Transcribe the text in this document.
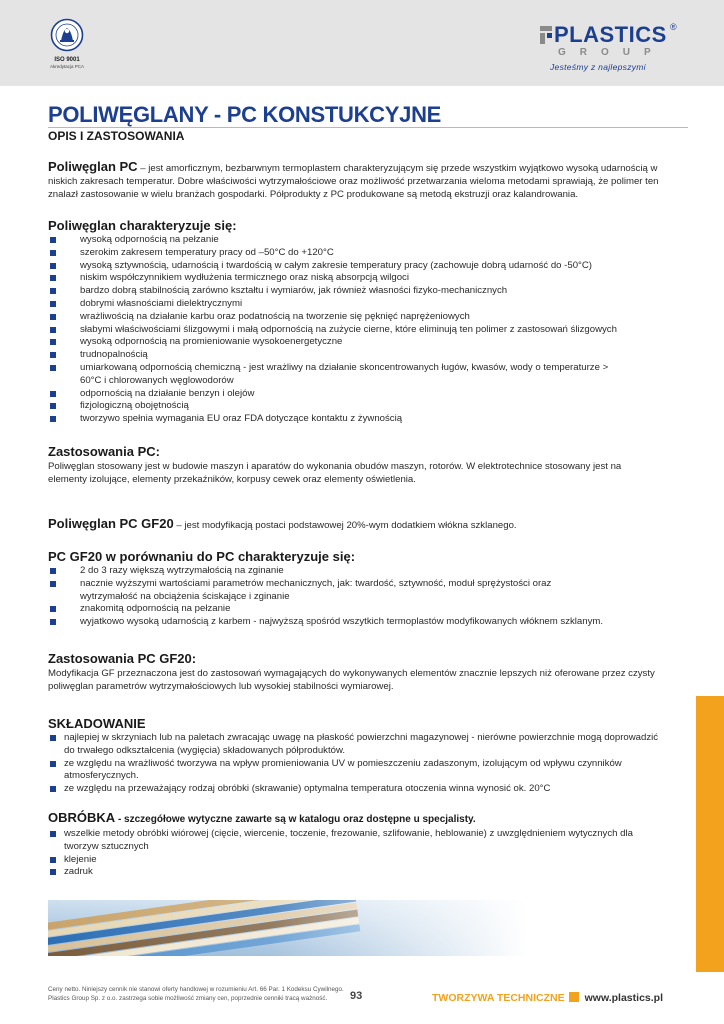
ISO 9001
Akredytacja PCA
PLASTICS ®
GROUP
Jesteśmy z najlepszymi
POLIWĘGLANY - PC KONSTUKCYJNE
OPIS I ZASTOSOWANIA

Poliwęglan PC – jest amorficznym, bezbarwnym termoplastem charakteryzującym się przede wszystkim wyjątkowo wysoką udarnością w niskich zakresach temperatur. Dobre właściwości wytrzymałościowe oraz możliwość przetwarzania wieloma metodami sprawiają, że polimer ten znalazł zastosowanie w wielu branżach gospodarki. Półprodukty z PC produkowane są metodą ekstruzji oraz kalandrowania.

Poliwęglan charakteryzuje się:

wysoką odpornością na pełzanie
szerokim zakresem temperatury pracy od –50°C do +120°C
wysoką sztywnością, udarnością i twardością w całym zakresie temperatury pracy (zachowuje dobrą udarność do -50°C)
niskim współczynnikiem wydłużenia termicznego oraz niską absorpcją wilgoci
bardzo dobrą stabilnością zarówno kształtu i wymiarów, jak również własności fizyko-mechanicznych
dobrymi własnościami dielektrycznymi
wrażliwością na działanie karbu oraz podatnością na tworzenie się pęknięć naprężeniowych
słabymi właściwościami ślizgowymi i małą odpornością na zużycie cierne, które eliminują ten polimer z zastosowań ślizgowych
wysoką odpornością na promieniowanie wysokoenergetyczne
trudnopalnością
umiarkowaną odpornością chemiczną - jest wrażliwy na działanie skoncentrowanych ługów, kwasów, wody o temperaturze > 60°C i chlorowanych węglowodorów
odpornością na działanie benzyn i olejów
fizjologiczną obojętnością
tworzywo spełnia wymagania EU oraz FDA dotyczące kontaktu z żywnością

Zastosowania PC:

Poliwęglan stosowany jest w budowie maszyn i aparatów do wykonania obudów maszyn, rotorów. W elektrotechnice stosowany jest na elementy izolujące, elementy przekaźników, korpusy cewek oraz elementy oświetlenia.

Poliwęglan PC GF20 – jest modyfikacją postaci podstawowej 20%-wym dodatkiem włókna szklanego.

PC GF20 w porównaniu do PC charakteryzuje się:

2 do 3 razy większą wytrzymałością na zginanie
nacznie wyższymi wartościami parametrów mechanicznych, jak: twardość, sztywność, moduł sprężystości oraz wytrzymałość na obciążenia ściskające i zginanie
znakomitą odpornością na pełzanie
wyjatkowo wysoką udarnością z karbem - najwyższą spośród wszytkich termoplastów modyfikowanych włóknem szklanym.

Zastosowania PC GF20:

Modyfikacja GF przeznaczona jest do zastosowań wymagających do wykonywanych elementów znacznie lepszych niż oferowane przez czysty poliwęglan parametrów wytrzymałościowych lub wysokiej stabilności wymiarowej.

SKŁADOWANIE

najlepiej w skrzyniach lub na paletach zwracając uwagę na płaskość powierzchni magazynowej - nierówne powierzchnie mogą doprowadzić do trwałego odkształcenia (wygięcia) składowanych półproduktów.
ze względu na wrażliwość tworzywa na wpływ promieniowania UV w pomieszczeniu zadaszonym, izolującym od wpływu czynników atmosferycznych.
ze względu na przeważający rodzaj obróbki (skrawanie) optymalna temperatura otoczenia winna wynosić ok. 20°C

OBRÓBKA - szczegółowe wytyczne zawarte są w katalogu oraz dostępne u specjalisty.

wszelkie metody obróbki wiórowej (cięcie, wiercenie, toczenie, frezowanie, szlifowanie, heblowanie) z uwzględnieniem wytycznych dla tworzyw sztucznych
klejenie
zadruk
Ceny netto. Niniejszy cennik nie stanowi oferty handlowej w rozumieniu Art. 66 Par. 1 Kodeksu Cywilnego.
Plastics Group Sp. z o.o. zastrzega sobie możliwość zmiany cen, poprzednie cenniki tracą ważność.	93	TWORZYWA TECHNICZNE www.plastics.pl
